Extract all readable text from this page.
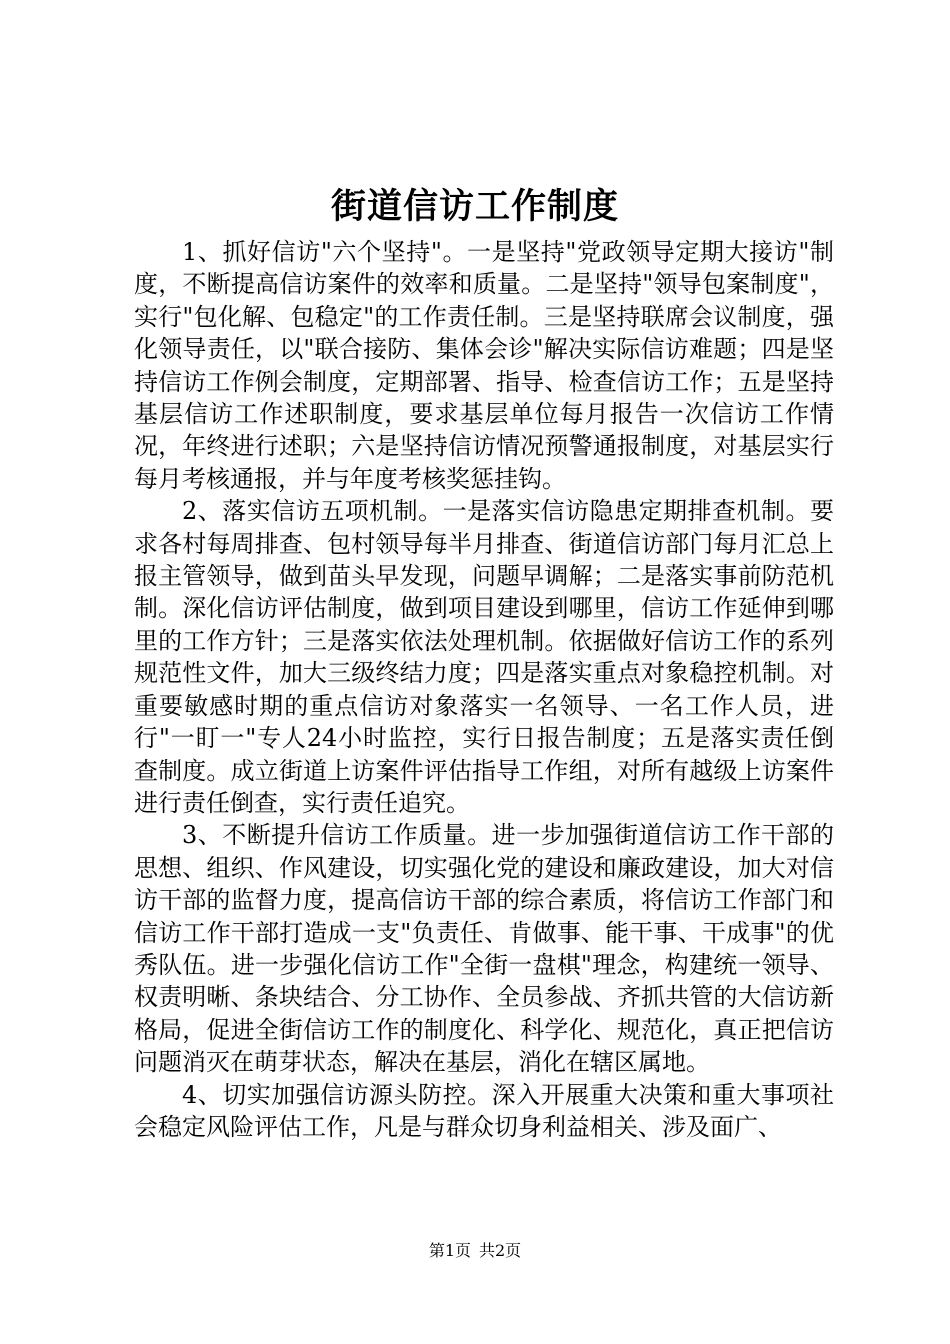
街道信访工作制度

1、抓好信访"六个坚持"。一是坚持"党政领导定期大接访"制度，不断提高信访案件的效率和质量。二是坚持"领导包案制度"，实行"包化解、包稳定"的工作责任制。三是坚持联席会议制度，强化领导责任，以"联合接防、集体会诊"解决实际信访难题；四是坚持信访工作例会制度，定期部署、指导、检查信访工作；五是坚持基层信访工作述职制度，要求基层单位每月报告一次信访工作情况，年终进行述职；六是坚持信访情况预警通报制度，对基层实行每月考核通报，并与年度考核奖惩挂钩。

2、落实信访五项机制。一是落实信访隐患定期排查机制。要求各村每周排查、包村领导每半月排查、街道信访部门每月汇总上报主管领导，做到苗头早发现，问题早调解；二是落实事前防范机制。深化信访评估制度，做到项目建设到哪里，信访工作延伸到哪里的工作方针；三是落实依法处理机制。依据做好信访工作的系列规范性文件，加大三级终结力度；四是落实重点对象稳控机制。对重要敏感时期的重点信访对象落实一名领导、一名工作人员，进行"一盯一"专人24小时监控，实行日报告制度；五是落实责任倒查制度。成立街道上访案件评估指导工作组，对所有越级上访案件进行责任倒查，实行责任追究。

3、不断提升信访工作质量。进一步加强街道信访工作干部的思想、组织、作风建设，切实强化党的建设和廉政建设，加大对信访干部的监督力度，提高信访干部的综合素质，将信访工作部门和信访工作干部打造成一支"负责任、肯做事、能干事、干成事"的优秀队伍。进一步强化信访工作"全街一盘棋"理念，构建统一领导、权责明晰、条块结合、分工协作、全员参战、齐抓共管的大信访新格局，促进全街信访工作的制度化、科学化、规范化，真正把信访问题消灭在萌芽状态，解决在基层，消化在辖区属地。

4、切实加强信访源头防控。深入开展重大决策和重大事项社会稳定风险评估工作，凡是与群众切身利益相关、涉及面广、

第1页 共2页
